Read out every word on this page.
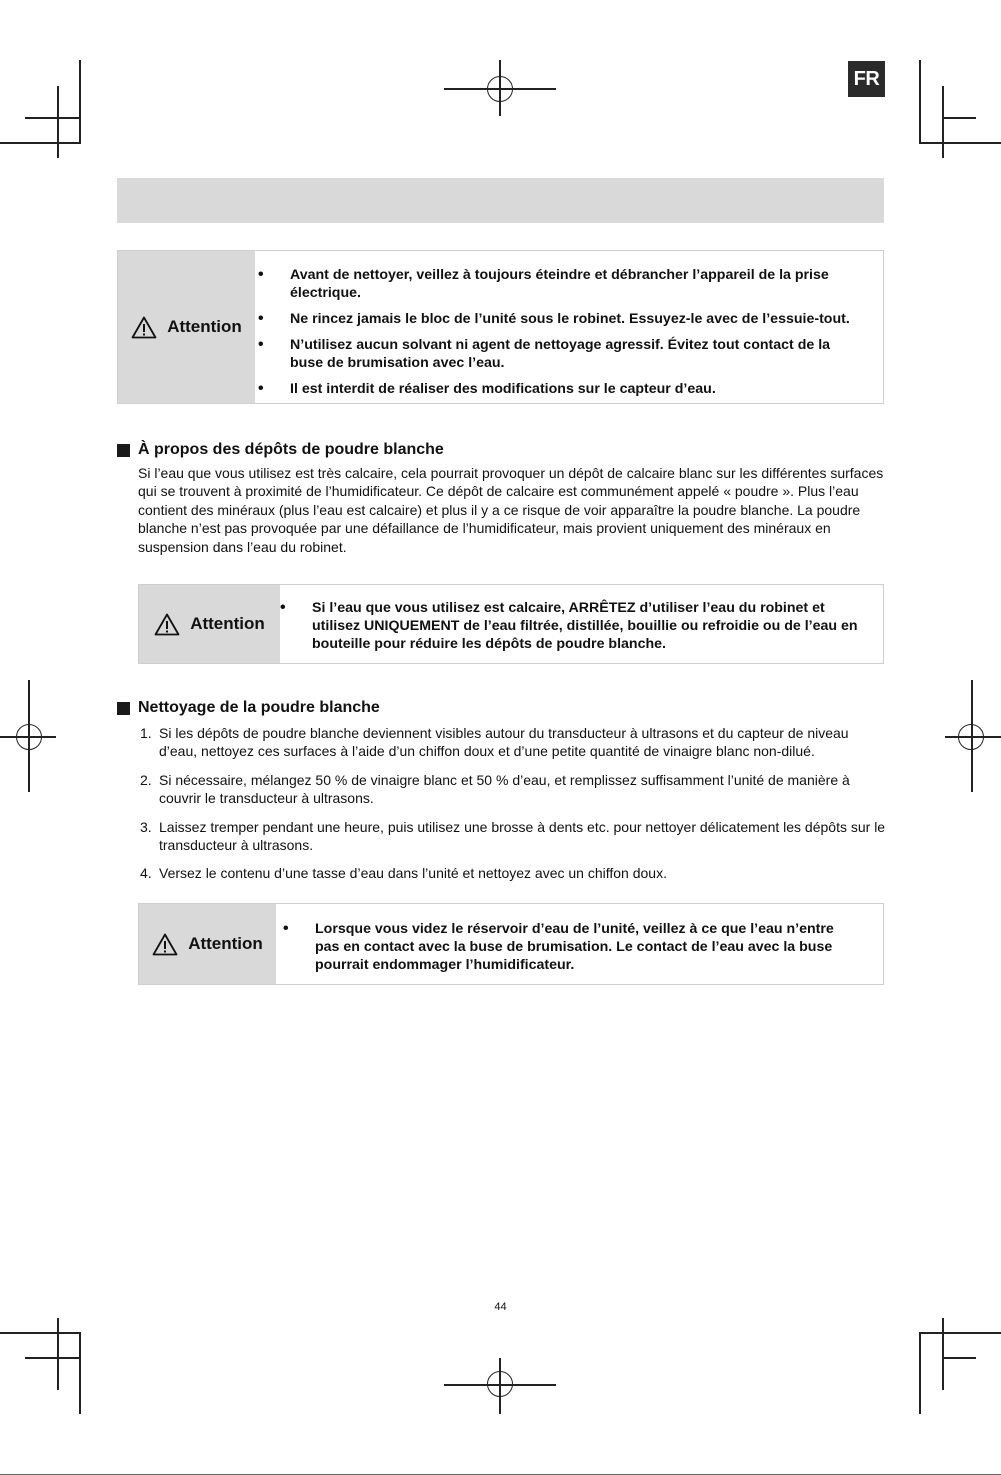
FR
Attention
• Avant de nettoyer, veillez à toujours éteindre et débrancher l’appareil de la prise électrique.
• Ne rincez jamais le bloc de l’unité sous le robinet. Essuyez-le avec de l’essuie-tout.
• N’utilisez aucun solvant ni agent de nettoyage agressif. Évitez tout contact de la buse de brumisation avec l’eau.
• Il est interdit de réaliser des modifications sur le capteur d’eau.
À propos des dépôts de poudre blanche

Si l’eau que vous utilisez est très calcaire, cela pourrait provoquer un dépôt de calcaire blanc sur les différentes surfaces qui se trouvent à proximité de l’humidificateur. Ce dépôt de calcaire est communément appelé « poudre ». Plus l’eau contient des minéraux (plus l’eau est calcaire) et plus il y a ce risque de voir apparaître la poudre blanche. La poudre blanche n’est pas provoquée par une défaillance de l’humidificateur, mais provient uniquement des minéraux en suspension dans l’eau du robinet.

Attention
• Si l’eau que vous utilisez est calcaire, ARRÊTEZ d’utiliser l’eau du robinet et utilisez UNIQUEMENT de l’eau filtrée, distillée, bouillie ou refroidie ou de l’eau en bouteille pour réduire les dépôts de poudre blanche.
Nettoyage de la poudre blanche
1. Si les dépôts de poudre blanche deviennent visibles autour du transducteur à ultrasons et du capteur de niveau d’eau, nettoyez ces surfaces à l’aide d’un chiffon doux et d’une petite quantité de vinaigre blanc non-dilué.
2. Si nécessaire, mélangez 50 % de vinaigre blanc et 50 % d’eau, et remplissez suffisamment l’unité de manière à couvrir le transducteur à ultrasons.
3. Laissez tremper pendant une heure, puis utilisez une brosse à dents etc. pour nettoyer délicatement les dépôts sur le transducteur à ultrasons.
4. Versez le contenu d’une tasse d’eau dans l’unité et nettoyez avec un chiffon doux.
Attention
• Lorsque vous videz le réservoir d’eau de l’unité, veillez à ce que l’eau n’entre pas en contact avec la buse de brumisation. Le contact de l’eau avec la buse pourrait endommager l’humidificateur.
44
